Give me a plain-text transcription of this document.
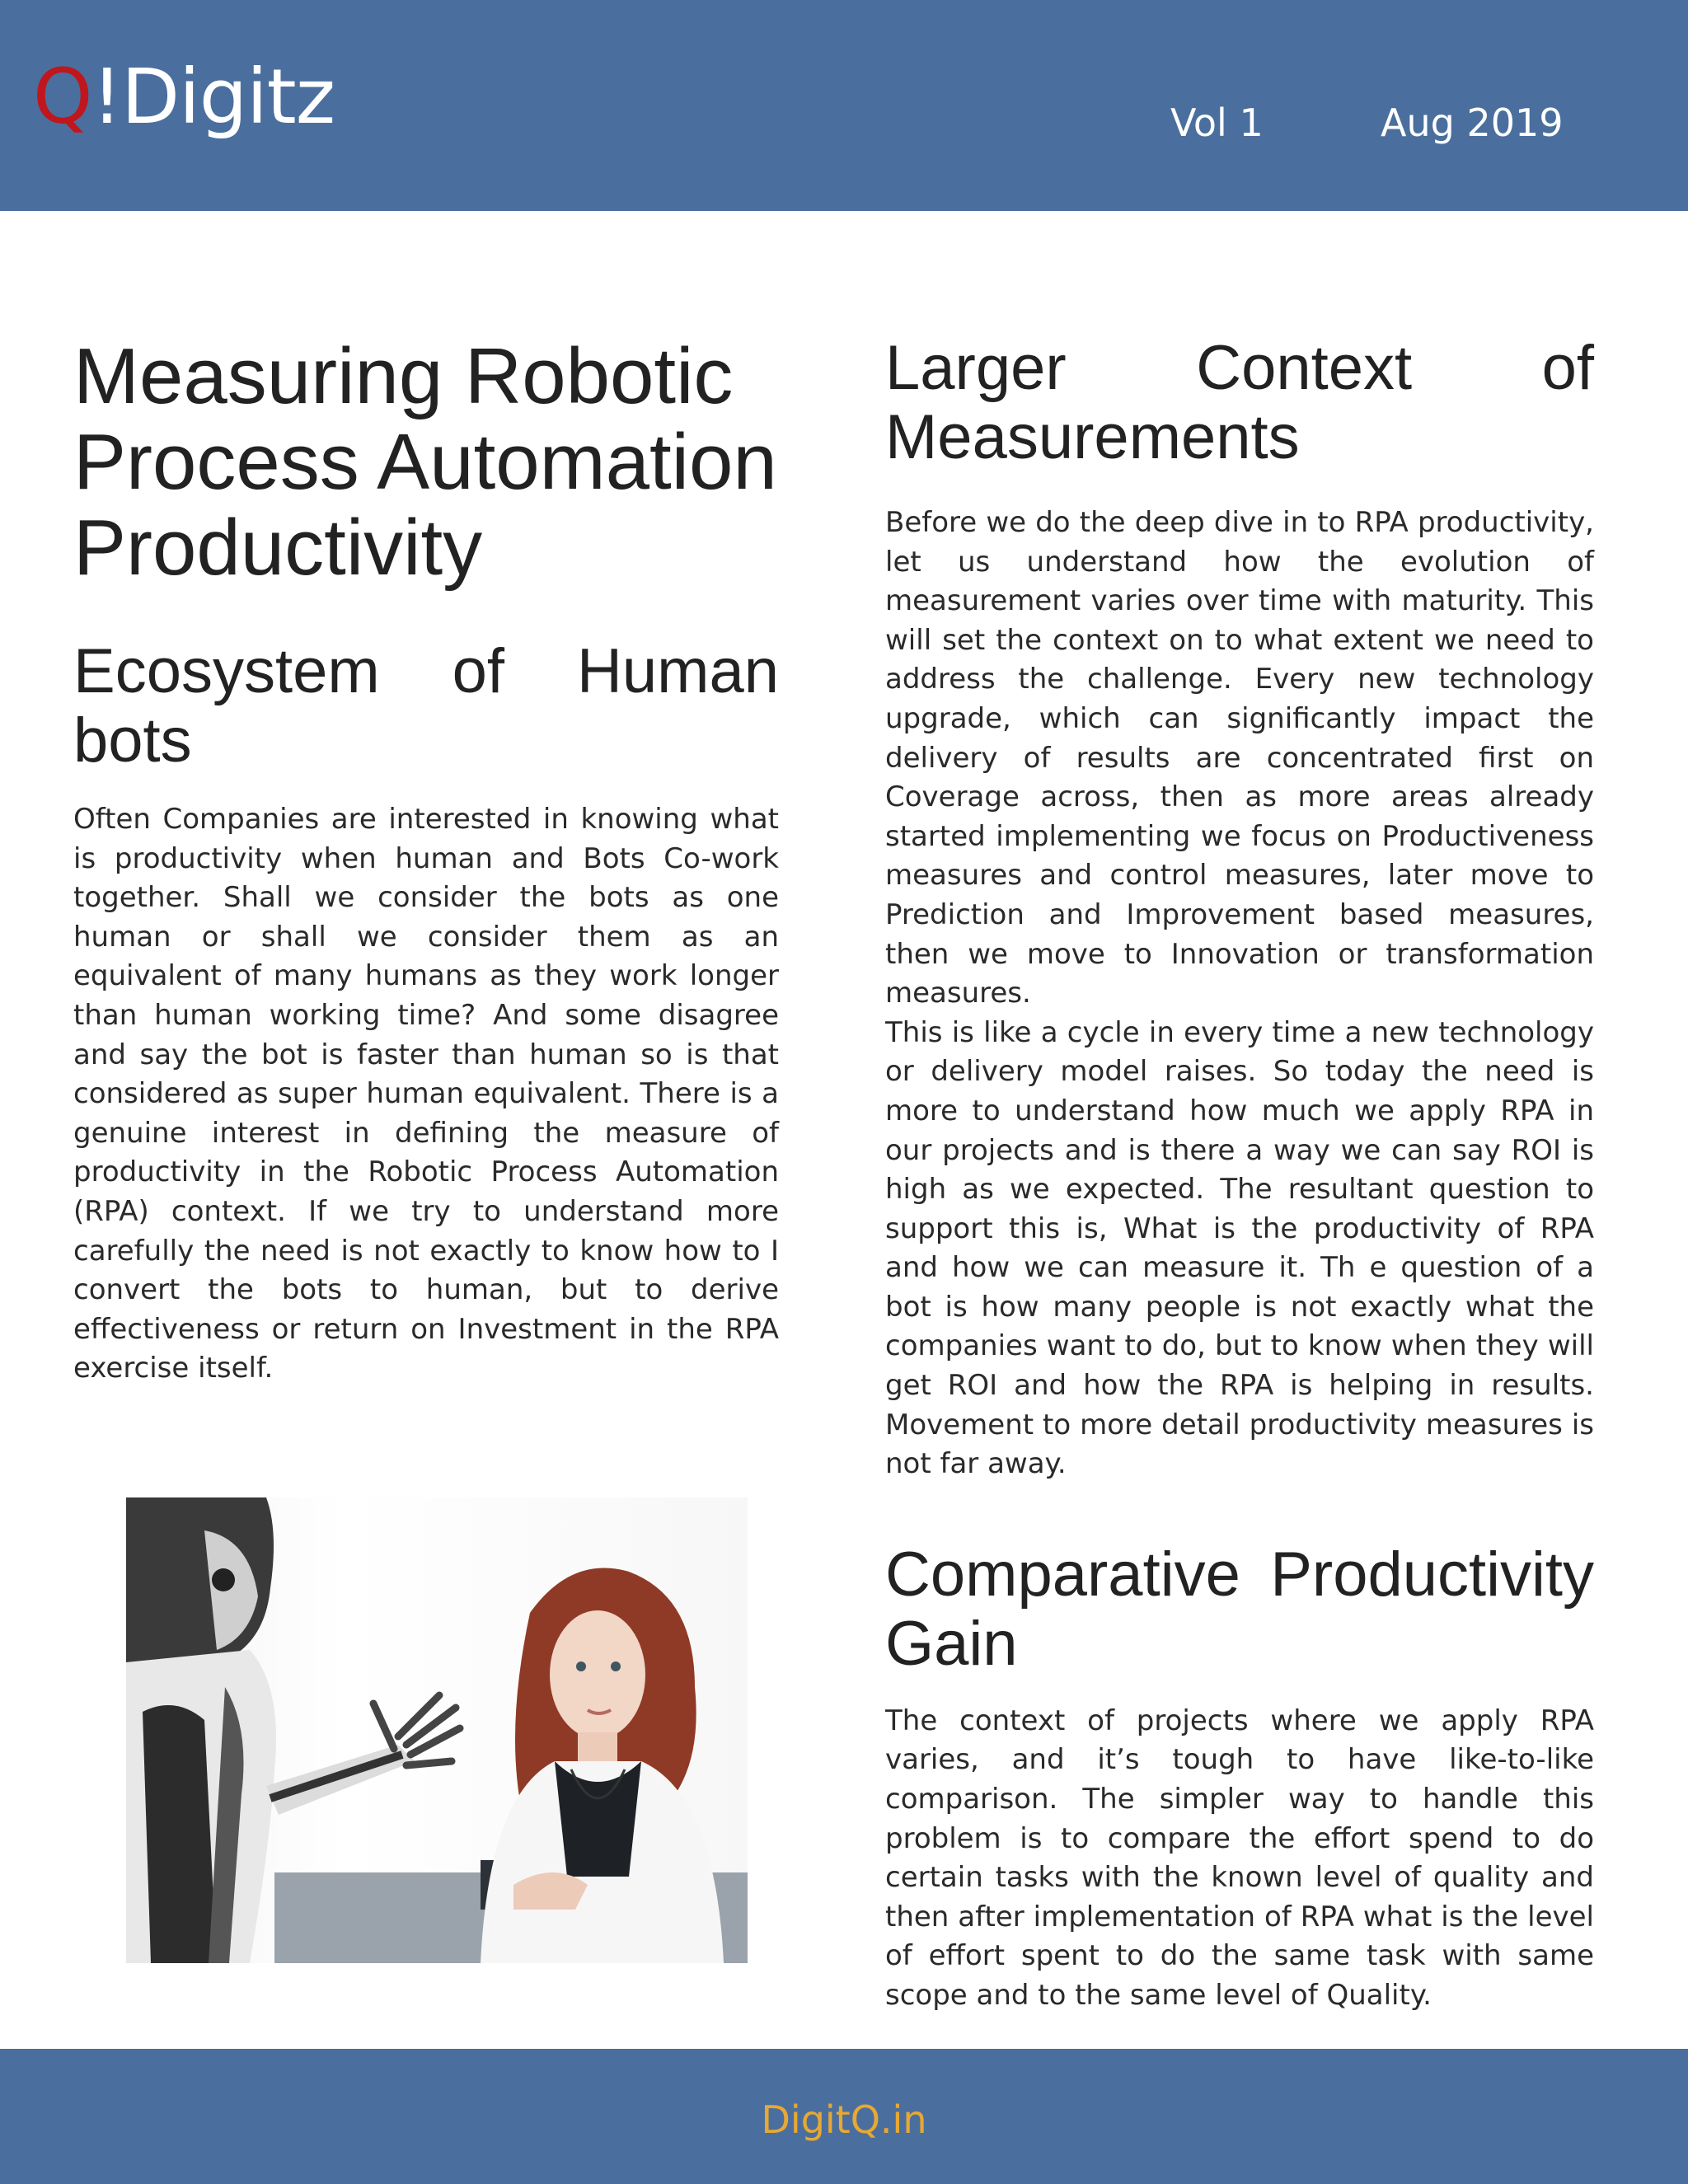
Q!Digitz	Vol 1	Aug 2019
Measuring Robotic Process Automation Productivity
Ecosystem of Human bots

Often Companies are interested in knowing what is productivity when human and Bots Co-work together. Shall we consider the bots as one human or shall we consider them as an equivalent of many humans as they work longer than human working time? And some disagree and say the bot is faster than human so is that considered as super human equivalent. There is a genuine interest in defining the measure of productivity in the Robotic Process Automation (RPA) context. If we try to understand more carefully the need is not exactly to know how to I convert the bots to human, but to derive effectiveness or return on Investment in the RPA exercise itself.

Larger Context of Measurements

Before we do the deep dive in to RPA productivity, let us understand how the evolution of measurement varies over time with maturity. This will set the context on to what extent we need to address the challenge. Every new technology upgrade, which can significantly impact the delivery of results are concentrated first on Coverage across, then as more areas already started implementing we focus on Productiveness measures and control measures, later move to Prediction and Improvement based measures, then we move to Innovation or transformation measures.

This is like a cycle in every time a new technology or delivery model raises. So today the need is more to understand how much we apply RPA in our projects and is there a way we can say ROI is high as we expected. The resultant question to support this is, What is the productivity of RPA and how we can measure it. Th e question of a bot is how many people is not exactly what the companies want to do, but to know when they will get ROI and how the RPA is helping in results. Movement to more detail productivity measures is not far away.

Comparative Productivity Gain

The context of projects where we apply RPA varies, and it’s tough to have like-to-like comparison. The simpler way to handle this problem is to compare the effort spend to do certain tasks with the known level of quality and then after implementation of RPA what is the level of effort spent to do the same task with same scope and to the same level of Quality.

DigitQ.in
